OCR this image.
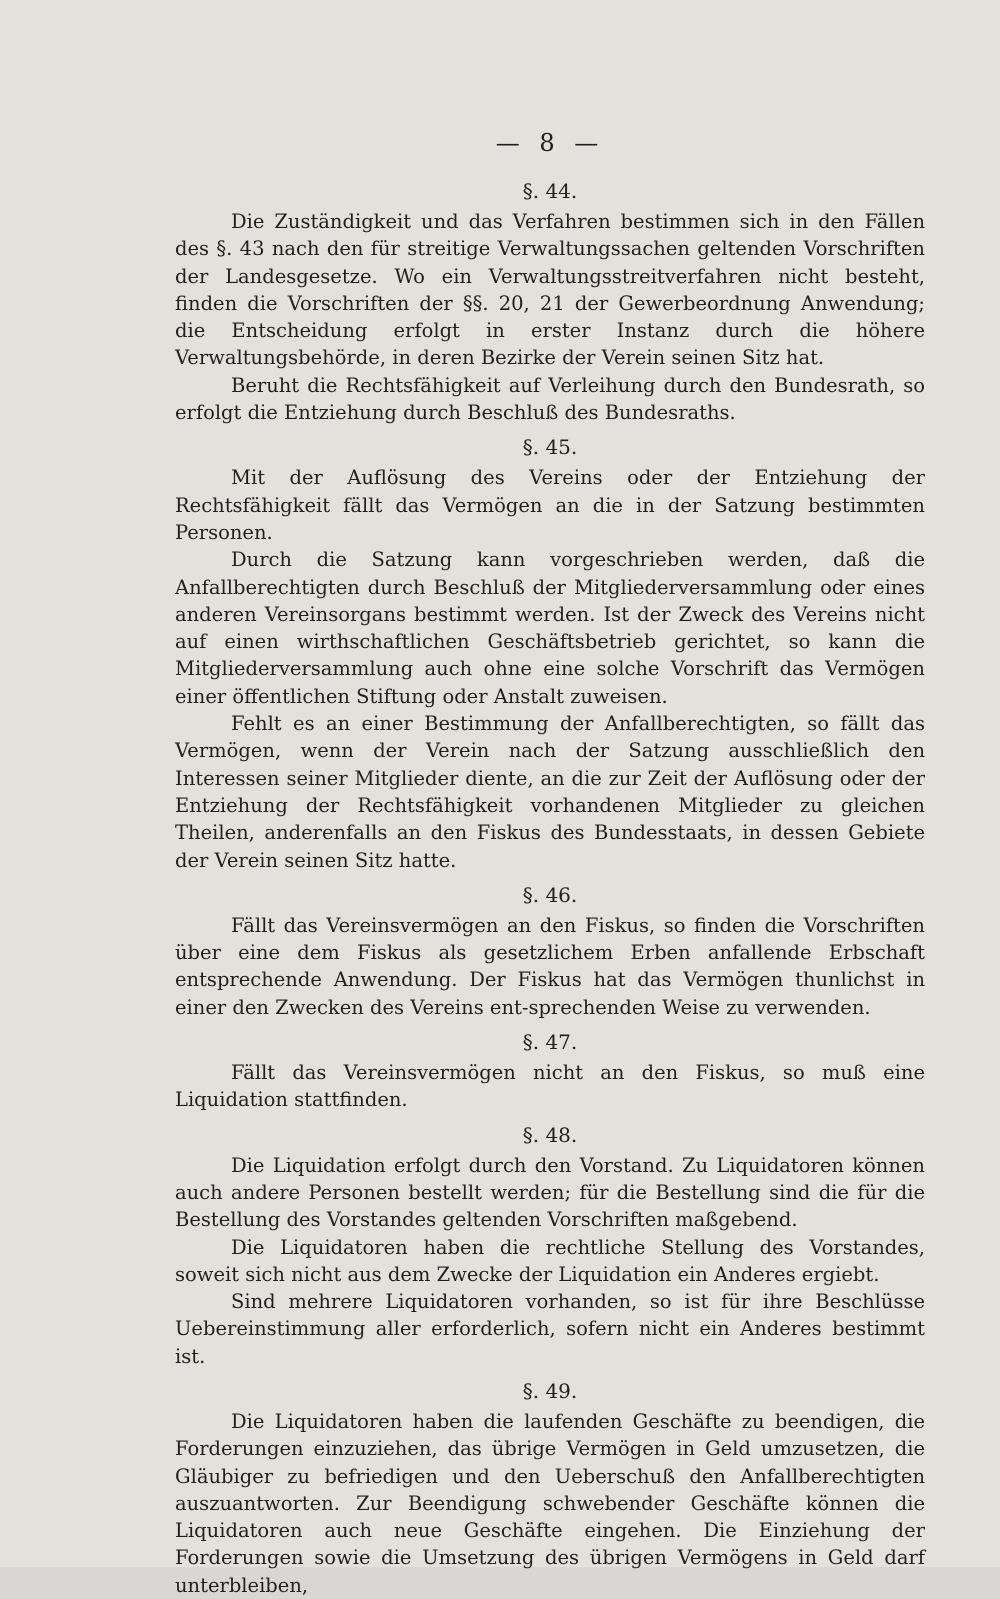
— 8 —
§. 44.

Die Zuständigkeit und das Verfahren bestimmen sich in den Fällen des §. 43 nach den für streitige Verwaltungssachen geltenden Vorschriften der Landesgesetze. Wo ein Verwaltungsstreitverfahren nicht besteht, finden die Vorschriften der §§. 20, 21 der Gewerbeordnung Anwendung; die Entscheidung erfolgt in erster Instanz durch die höhere Verwaltungsbehörde, in deren Bezirke der Verein seinen Sitz hat.

Beruht die Rechtsfähigkeit auf Verleihung durch den Bundesrath, so erfolgt die Entziehung durch Beschluß des Bundesraths.

§. 45.

Mit der Auflösung des Vereins oder der Entziehung der Rechtsfähigkeit fällt das Vermögen an die in der Satzung bestimmten Personen.

Durch die Satzung kann vorgeschrieben werden, daß die Anfallberechtigten durch Beschluß der Mitgliederversammlung oder eines anderen Vereinsorgans bestimmt werden. Ist der Zweck des Vereins nicht auf einen wirthschaftlichen Geschäftsbetrieb gerichtet, so kann die Mitgliederversammlung auch ohne eine solche Vorschrift das Vermögen einer öffentlichen Stiftung oder Anstalt zuweisen.

Fehlt es an einer Bestimmung der Anfallberechtigten, so fällt das Vermögen, wenn der Verein nach der Satzung ausschließlich den Interessen seiner Mitglieder diente, an die zur Zeit der Auflösung oder der Entziehung der Rechtsfähigkeit vorhandenen Mitglieder zu gleichen Theilen, anderenfalls an den Fiskus des Bundesstaats, in dessen Gebiete der Verein seinen Sitz hatte.

§. 46.

Fällt das Vereinsvermögen an den Fiskus, so finden die Vorschriften über eine dem Fiskus als gesetzlichem Erben anfallende Erbschaft entsprechende Anwendung. Der Fiskus hat das Vermögen thunlichst in einer den Zwecken des Vereins ent-sprechenden Weise zu verwenden.

§. 47.

Fällt das Vereinsvermögen nicht an den Fiskus, so muß eine Liquidation stattfinden.

§. 48.

Die Liquidation erfolgt durch den Vorstand. Zu Liquidatoren können auch andere Personen bestellt werden; für die Bestellung sind die für die Bestellung des Vorstandes geltenden Vorschriften maßgebend.

Die Liquidatoren haben die rechtliche Stellung des Vorstandes, soweit sich nicht aus dem Zwecke der Liquidation ein Anderes ergiebt.

Sind mehrere Liquidatoren vorhanden, so ist für ihre Beschlüsse Uebereinstimmung aller erforderlich, sofern nicht ein Anderes bestimmt ist.

§. 49.

Die Liquidatoren haben die laufenden Geschäfte zu beendigen, die Forderungen einzuziehen, das übrige Vermögen in Geld umzusetzen, die Gläubiger zu befriedigen und den Ueberschuß den Anfallberechtigten auszuantworten. Zur Beendigung schwebender Geschäfte können die Liquidatoren auch neue Geschäfte eingehen. Die Einziehung der Forderungen sowie die Umsetzung des übrigen Vermögens in Geld darf unterbleiben,
